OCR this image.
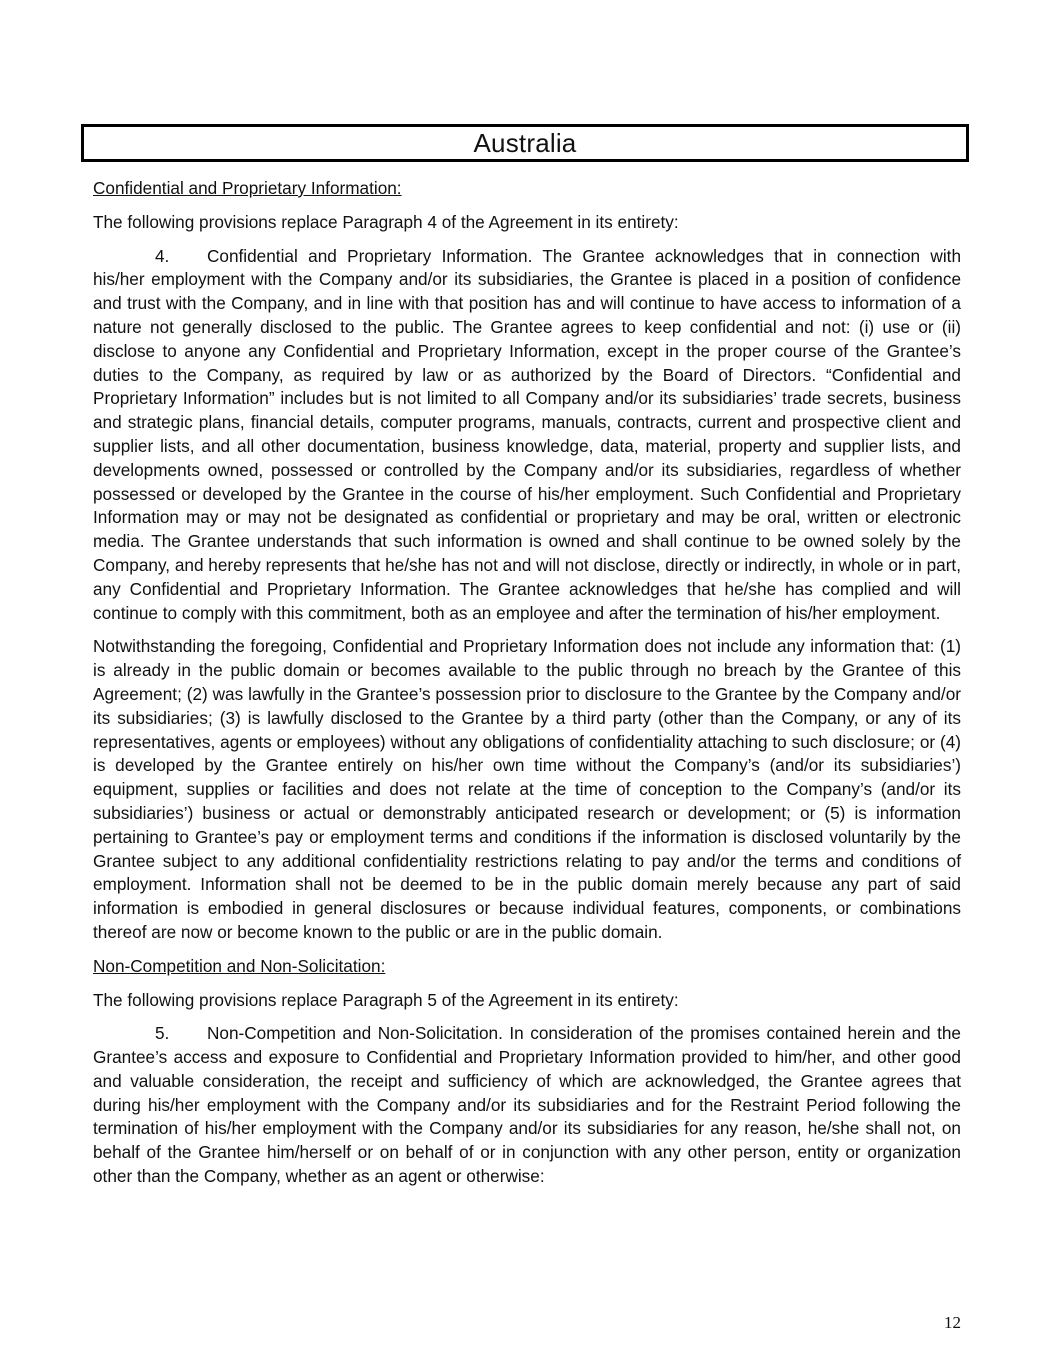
Australia
Confidential and Proprietary Information:
The following provisions replace Paragraph 4 of the Agreement in its entirety:
4. Confidential and Proprietary Information. The Grantee acknowledges that in connection with his/her employment with the Company and/or its subsidiaries, the Grantee is placed in a position of confidence and trust with the Company, and in line with that position has and will continue to have access to information of a nature not generally disclosed to the public. The Grantee agrees to keep confidential and not: (i) use or (ii) disclose to anyone any Confidential and Proprietary Information, except in the proper course of the Grantee’s duties to the Company, as required by law or as authorized by the Board of Directors. “Confidential and Proprietary Information” includes but is not limited to all Company and/or its subsidiaries’ trade secrets, business and strategic plans, financial details, computer programs, manuals, contracts, current and prospective client and supplier lists, and all other documentation, business knowledge, data, material, property and supplier lists, and developments owned, possessed or controlled by the Company and/or its subsidiaries, regardless of whether possessed or developed by the Grantee in the course of his/her employment. Such Confidential and Proprietary Information may or may not be designated as confidential or proprietary and may be oral, written or electronic media. The Grantee understands that such information is owned and shall continue to be owned solely by the Company, and hereby represents that he/she has not and will not disclose, directly or indirectly, in whole or in part, any Confidential and Proprietary Information. The Grantee acknowledges that he/she has complied and will continue to comply with this commitment, both as an employee and after the termination of his/her employment.
Notwithstanding the foregoing, Confidential and Proprietary Information does not include any information that: (1) is already in the public domain or becomes available to the public through no breach by the Grantee of this Agreement; (2) was lawfully in the Grantee’s possession prior to disclosure to the Grantee by the Company and/or its subsidiaries; (3) is lawfully disclosed to the Grantee by a third party (other than the Company, or any of its representatives, agents or employees) without any obligations of confidentiality attaching to such disclosure; or (4) is developed by the Grantee entirely on his/her own time without the Company’s (and/or its subsidiaries’) equipment, supplies or facilities and does not relate at the time of conception to the Company’s (and/or its subsidiaries’) business or actual or demonstrably anticipated research or development; or (5) is information pertaining to Grantee’s pay or employment terms and conditions if the information is disclosed voluntarily by the Grantee subject to any additional confidentiality restrictions relating to pay and/or the terms and conditions of employment. Information shall not be deemed to be in the public domain merely because any part of said information is embodied in general disclosures or because individual features, components, or combinations thereof are now or become known to the public or are in the public domain.
Non-Competition and Non-Solicitation:
The following provisions replace Paragraph 5 of the Agreement in its entirety:
5. Non-Competition and Non-Solicitation. In consideration of the promises contained herein and the Grantee’s access and exposure to Confidential and Proprietary Information provided to him/her, and other good and valuable consideration, the receipt and sufficiency of which are acknowledged, the Grantee agrees that during his/her employment with the Company and/or its subsidiaries and for the Restraint Period following the termination of his/her employment with the Company and/or its subsidiaries for any reason, he/she shall not, on behalf of the Grantee him/herself or on behalf of or in conjunction with any other person, entity or organization other than the Company, whether as an agent or otherwise:
12
